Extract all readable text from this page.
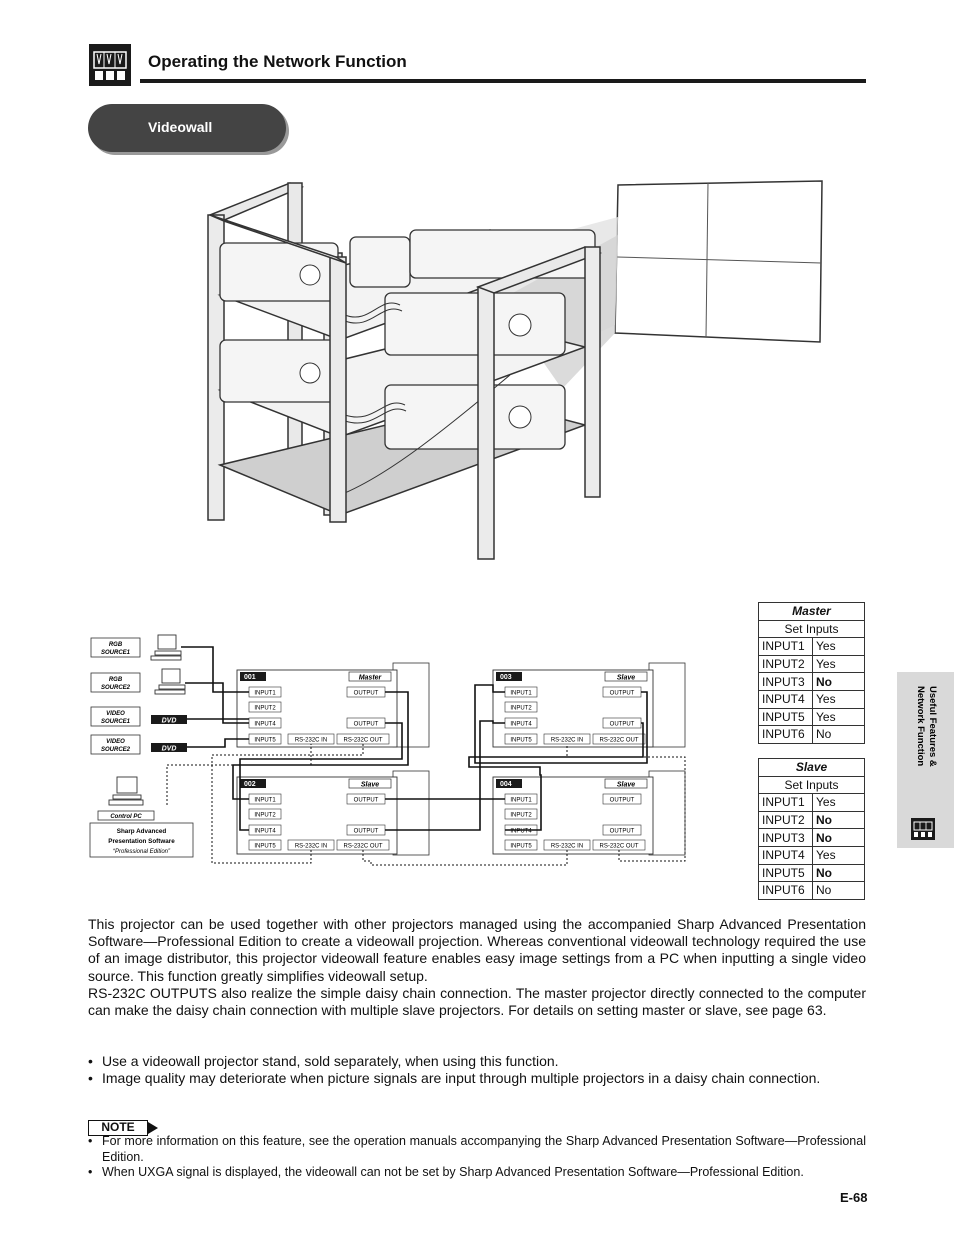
Operating the Network Function
Videowall
RGB
SOURCE1
RGB
SOURCE2
VIDEO
SOURCE1
VIDEO
SOURCE2
DVD
DVD
Control PC
Sharp Advanced
Presentation Software
“Professional Edition”
001	Master
INPUT1
INPUT2
INPUT4
INPUT5
OUTPUT
OUTPUT
RS-232C IN	RS-232C OUT
002	Slave
INPUT1
INPUT2
INPUT4
INPUT5
OUTPUT
OUTPUT
RS-232C IN	RS-232C OUT
003	Slave
INPUT1
INPUT2
INPUT4
INPUT5
OUTPUT
OUTPUT
RS-232C IN	RS-232C OUT
004	Slave
INPUT1
INPUT2
INPUT4
INPUT5
OUTPUT
OUTPUT
RS-232C IN	RS-232C OUT
Master	
Set Inputs	
INPUT1	Yes
INPUT2	Yes
INPUT3	No
INPUT4	Yes
INPUT5	Yes
INPUT6	No
Slave	
Set Inputs	
INPUT1	Yes
INPUT2	No
INPUT3	No
INPUT4	Yes
INPUT5	No
INPUT6	No
Useful Features &
Network Function

This projector can be used together with other projectors managed using the accompanied Sharp Advanced Presentation Software—Professional Edition to create a videowall projection. Whereas conventional videowall technology required the use of an image distributor, this projector videowall feature enables easy image settings from a PC when inputting a single video source. This function greatly simplifies videowall setup.

RS-232C OUTPUTS also realize the simple daisy chain connection. The master projector directly connected to the computer can make the daisy chain connection with multiple slave projectors. For details on setting master or slave, see page 63.

• Use a videowall projector stand, sold separately, when using this function.
• Image quality may deteriorate when picture signals are input through multiple projectors in a daisy chain connection.
NOTE
• For more information on this feature, see the operation manuals accompanying the Sharp Advanced Presentation Software—Professional Edition.
• When UXGA signal is displayed, the videowall can not be set by Sharp Advanced Presentation Software—Professional Edition.
E-68
